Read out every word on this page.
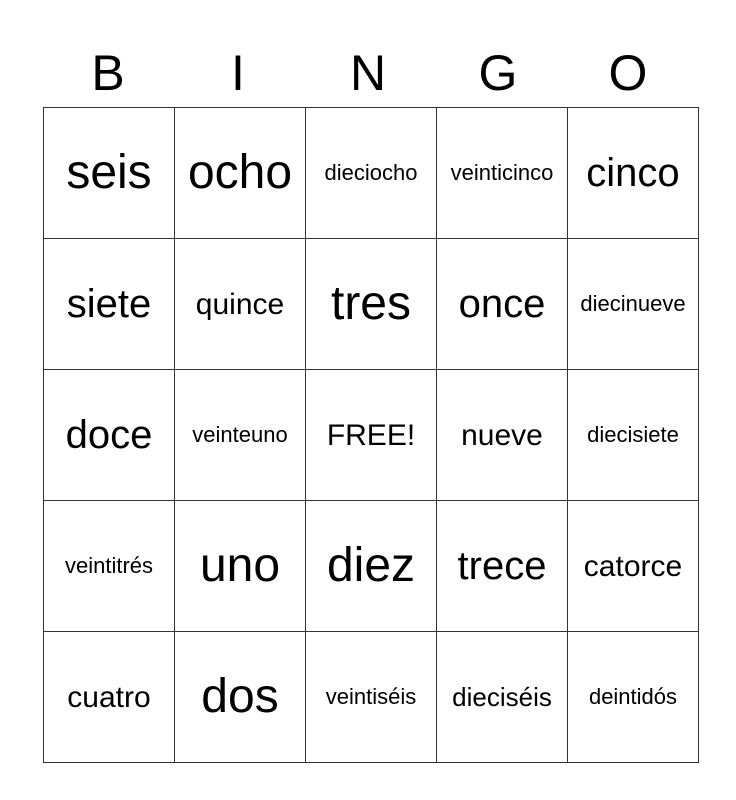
B	I	N	G	O
seis	ocho	dieciocho	veinticinco	cinco
siete	quince	tres	once	diecinueve
doce	veinteuno	FREE!	nueve	diecisiete
veintitrés	uno	diez	trece	catorce
cuatro	dos	veintiséis	dieciséis	deintidós
